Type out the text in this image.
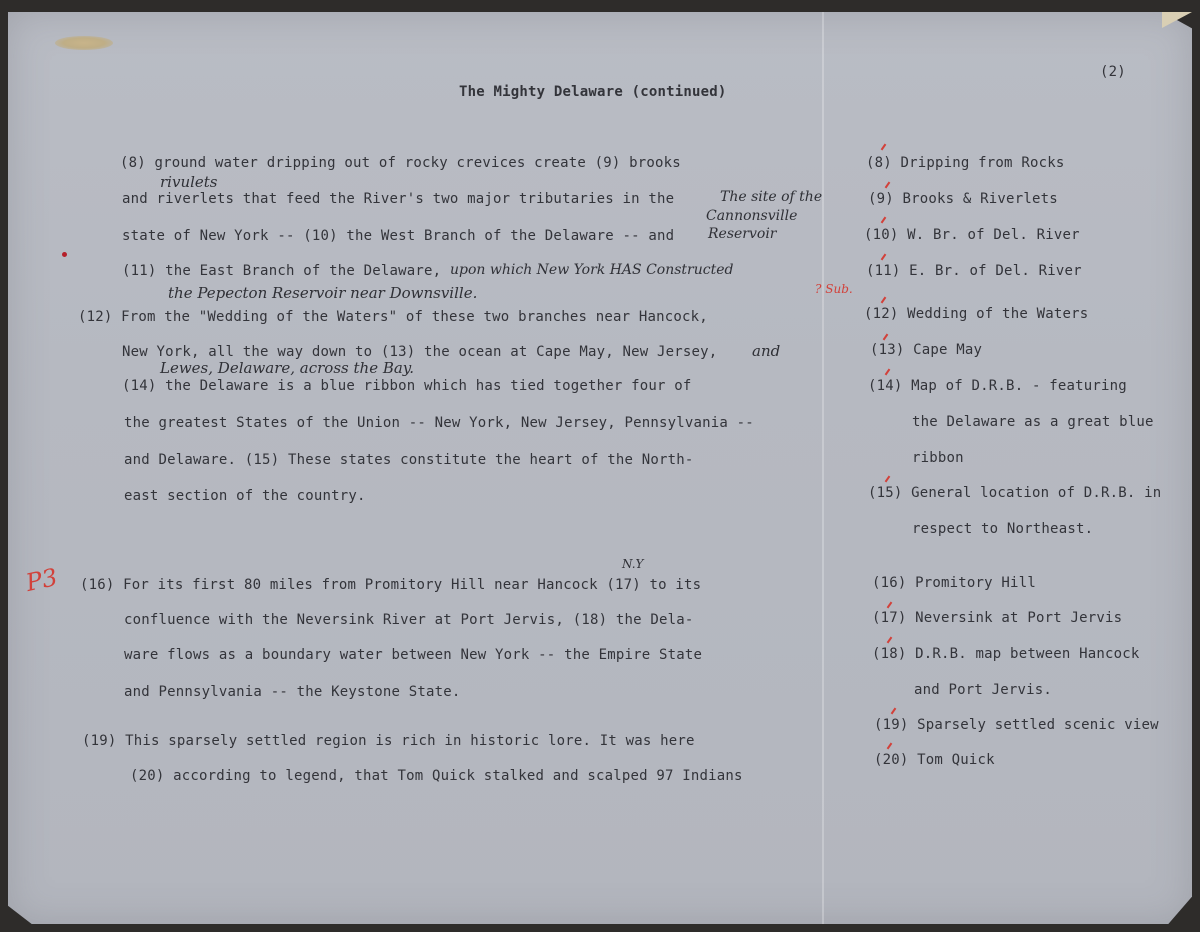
The Mighty Delaware (continued)
(2)
(8) ground water dripping out of rocky crevices create (9) brooks
and riverlets that feed the River's two major tributaries in the
state of New York -- (10) the West Branch of the Delaware -- and
(11) the East Branch of the Delaware,
(12) From the "Wedding of the Waters" of these two branches near Hancock,
New York, all the way down to (13) the ocean at Cape May, New Jersey,
(14) the Delaware is a blue ribbon which has tied together four of
the greatest States of the Union -- New York, New Jersey, Pennsylvania --
and Delaware. (15) These states constitute the heart of the North-
east section of the country.
(16) For its first 80 miles from Promitory Hill near Hancock (17) to its
confluence with the Neversink River at Port Jervis, (18) the Dela-
ware flows as a boundary water between New York -- the Empire State
and Pennsylvania -- the Keystone State.
(19) This sparsely settled region is rich in historic lore. It was here
(20) according to legend, that Tom Quick stalked and scalped 97 Indians
rivulets
The site of the
Cannonsville
Reservoir
upon which New York HAS Constructed
the Pepecton Reservoir near Downsville.
and
Lewes, Delaware, across the Bay.
N.Y
P3
? Sub.
(8) Dripping from Rocks
(9) Brooks & Riverlets
(10) W. Br. of Del. River
(11) E. Br. of Del. River
(12) Wedding of the Waters
(13) Cape May
(14) Map of D.R.B. - featuring
the Delaware as a great blue
ribbon
(15) General location of D.R.B. in
respect to Northeast.
(16) Promitory Hill
(17) Neversink at Port Jervis
(18) D.R.B. map between Hancock
and Port Jervis.
(19) Sparsely settled scenic view
(20) Tom Quick
